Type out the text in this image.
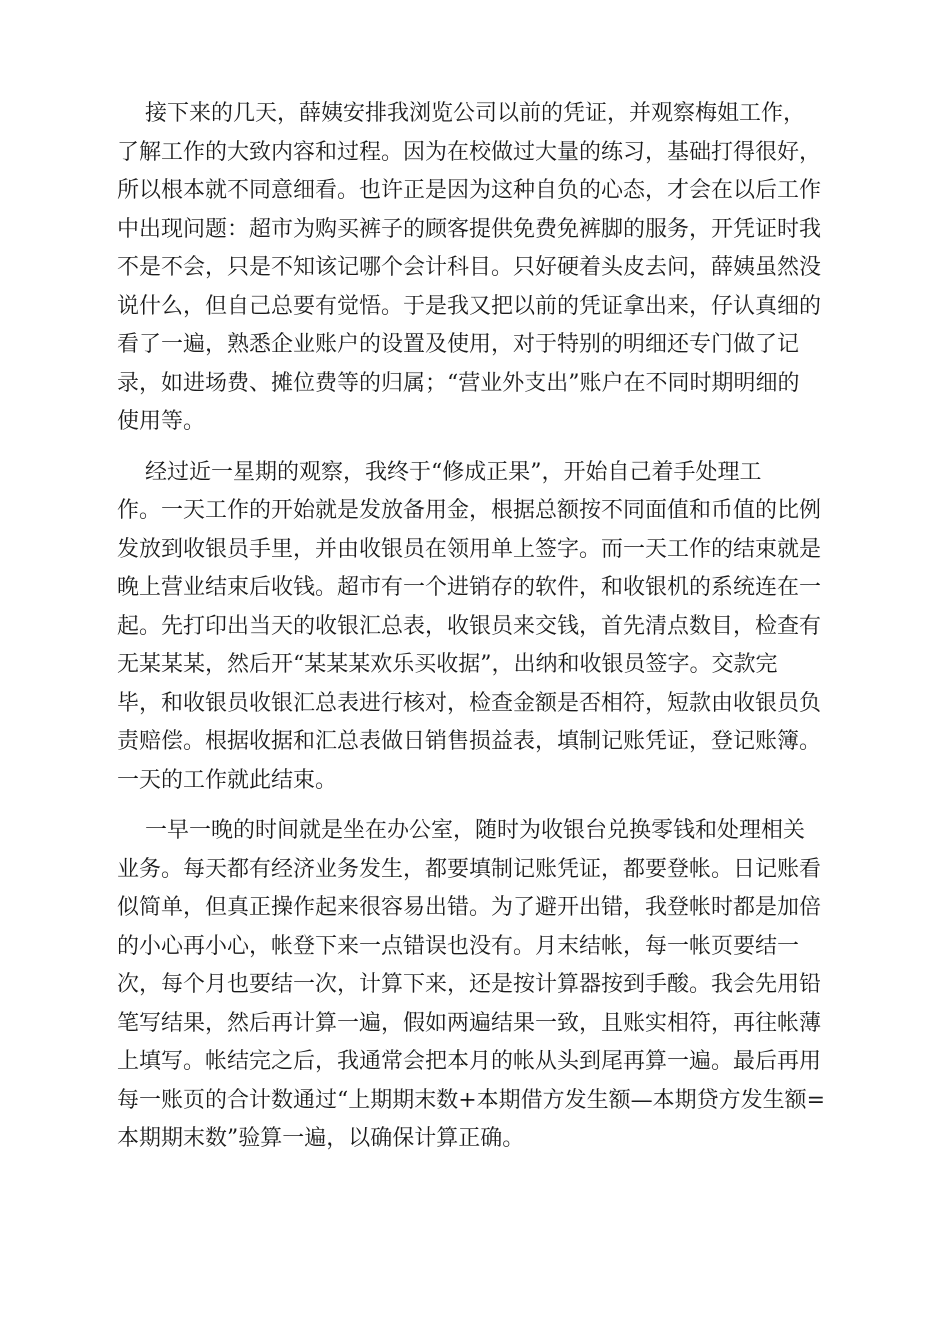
接下来的几天，薛姨安排我浏览公司以前的凭证，并观察梅姐工作，
了解工作的大致内容和过程。因为在校做过大量的练习，基础打得很好，
所以根本就不同意细看。也许正是因为这种自负的心态，才会在以后工作
中出现问题：超市为购买裤子的顾客提供免费免裤脚的服务，开凭证时我
不是不会，只是不知该记哪个会计科目。只好硬着头皮去问，薛姨虽然没
说什么，但自己总要有觉悟。于是我又把以前的凭证拿出来，仔认真细的
看了一遍，熟悉企业账户的设置及使用，对于特别的明细还专门做了记
录，如进场费、摊位费等的归属；“营业外支出”账户在不同时期明细的
使用等。

经过近一星期的观察，我终于“修成正果”，开始自己着手处理工
作。一天工作的开始就是发放备用金，根据总额按不同面值和币值的比例
发放到收银员手里，并由收银员在领用单上签字。而一天工作的结束就是
晚上营业结束后收钱。超市有一个进销存的软件，和收银机的系统连在一
起。先打印出当天的收银汇总表，收银员来交钱，首先清点数目，检查有
无某某某，然后开“某某某欢乐买收据”，出纳和收银员签字。交款完
毕，和收银员收银汇总表进行核对，检查金额是否相符，短款由收银员负
责赔偿。根据收据和汇总表做日销售损益表，填制记账凭证，登记账簿。
一天的工作就此结束。

一早一晚的时间就是坐在办公室，随时为收银台兑换零钱和处理相关
业务。每天都有经济业务发生，都要填制记账凭证，都要登帐。日记账看
似简单，但真正操作起来很容易出错。为了避开出错，我登帐时都是加倍
的小心再小心，帐登下来一点错误也没有。月末结帐，每一帐页要结一
次，每个月也要结一次，计算下来，还是按计算器按到手酸。我会先用铅
笔写结果，然后再计算一遍，假如两遍结果一致，且账实相符，再往帐薄
上填写。帐结完之后，我通常会把本月的帐从头到尾再算一遍。最后再用
每一账页的合计数通过“上期期末数+本期借方发生额—本期贷方发生额=
本期期末数”验算一遍，以确保计算正确。
